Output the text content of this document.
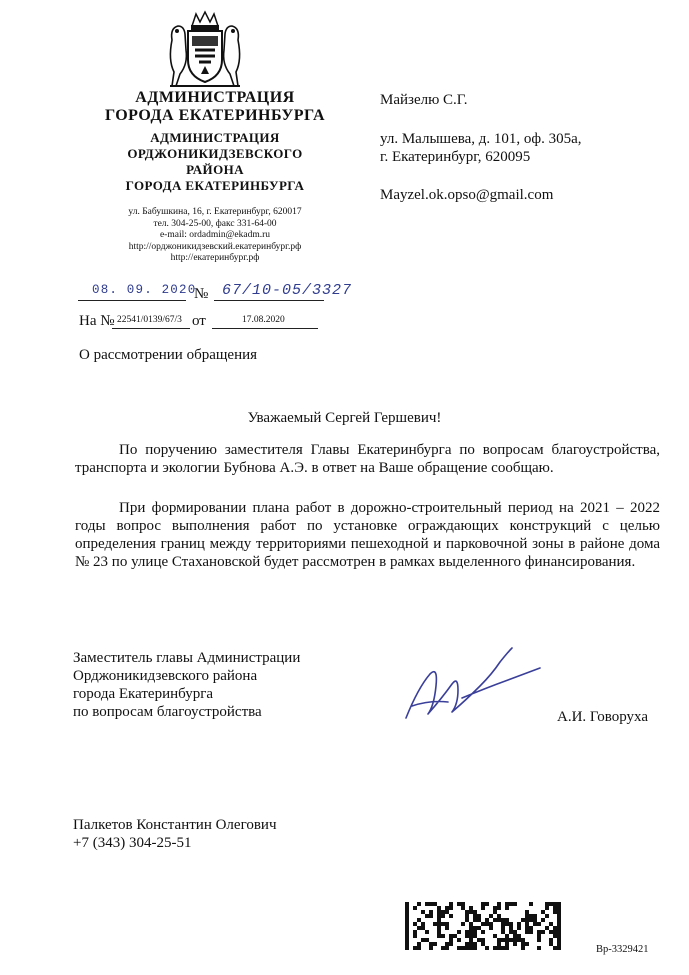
АДМИНИСТРАЦИЯ
ГОРОДА ЕКАТЕРИНБУРГА
АДМИНИСТРАЦИЯ
ОРДЖОНИКИДЗЕВСКОГО
РАЙОНА
ГОРОДА ЕКАТЕРИНБУРГА
ул. Бабушкина, 16, г. Екатеринбург, 620017
тел. 304-25-00, факс 331-64-00
e-mail: ordadmin@ekadm.ru
http://орджоникидзевский.екатеринбург.рф
http://екатеринбург.рф
08. 09. 2020
№ 67/10-05/3327
На № 22541/0139/67/3 от	17.08.2020
Майзелю С.Г.
ул. Малышева, д. 101, оф. 305а,
г. Екатеринбург, 620095
Mayzel.ok.opso@gmail.com
О рассмотрении обращения
Уважаемый Сергей Гершевич!
По поручению заместителя Главы Екатеринбурга по вопросам благоустройства, транспорта и экологии Бубнова А.Э. в ответ на Ваше обращение сообщаю.
При формировании плана работ в дорожно-строительный период на 2021 – 2022 годы вопрос выполнения работ по установке ограждающих конструкций с целью определения границ между территориями пешеходной и парковочной зоны в районе дома № 23 по улице Стахановской будет рассмотрен в рамках выделенного финансирования.
Заместитель главы Администрации
Орджоникидзевского района
города Екатеринбурга
по вопросам благоустройства	А.И. Говоруха
Палкетов Константин Олегович
+7 (343) 304-25-51
Вр-3329421
